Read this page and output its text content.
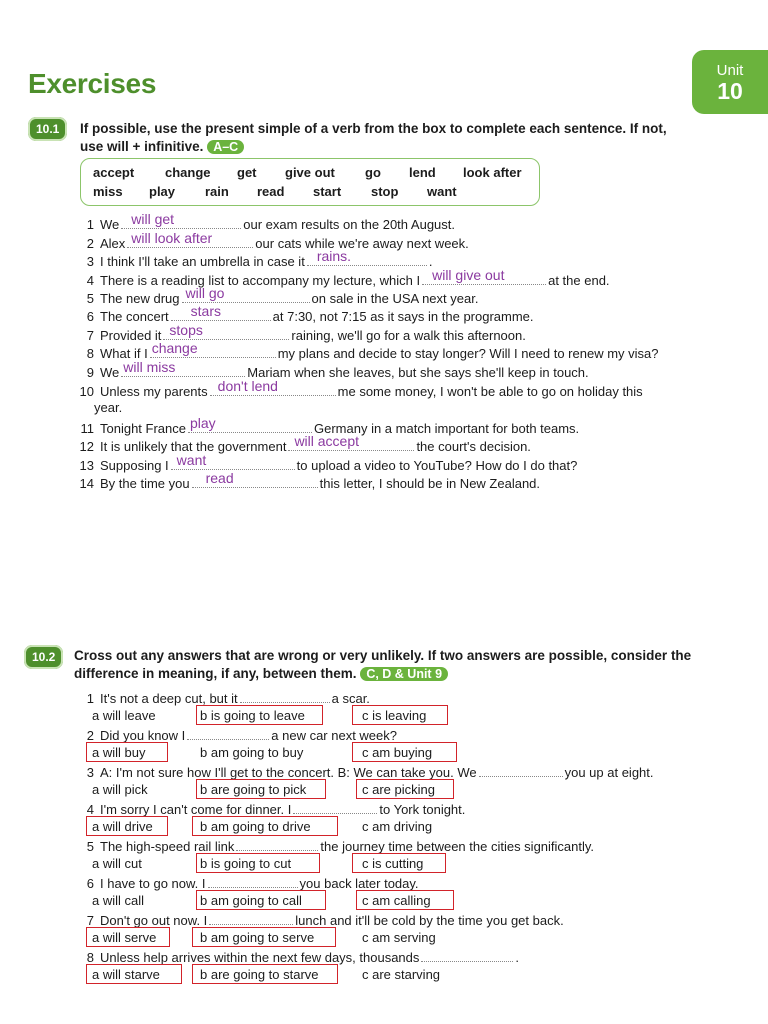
Exercises	Unit
10
10.1	If possible, use the present simple of a verb from the box to complete each sentence. If not,
use will + infinitive. A–C
accept change get give out go lend look after
miss play rain read start stop want
1 We will get	our exam results on the 20th August.
2 Alex will look after	our cats while we're away next week.
3 I think I'll take an umbrella in case it rains.	.
4 There is a reading list to accompany my lecture, which I will give out	at the end.
5 The new drug will go	on sale in the USA next year.
6 The concert stars	at 7:30, not 7:15 as it says in the programme.
7 Provided it stops	raining, we'll go for a walk this afternoon.
8 What if I change	my plans and decide to stay longer? Will I need to renew my visa?
9 We will miss	Mariam when she leaves, but she says she'll keep in touch.
10 Unless my parents don't lend	me some money, I won't be able to go on holiday this
year.
11 Tonight France play	Germany in a match important for both teams.
12 It is unlikely that the government will accept	the court's decision.
13 Supposing I want	to upload a video to YouTube? How do I do that?
14 By the time you read	this letter, I should be in New Zealand.
10.2	Cross out any answers that are wrong or very unlikely. If two answers are possible, consider the
difference in meaning, if any, between them. C, D & Unit 9
1 It's not a deep cut, but it	a scar.
a will leave	b is going to leave	c is leaving
2 Did you know I	a new car next week?
a will buy	b am going to buy	c am buying
3 A: I'm not sure how I'll get to the concert. B: We can take you. We	you up at eight.
a will pick	b are going to pick	c are picking
4 I'm sorry I can't come for dinner. I	to York tonight.
a will drive	b am going to drive	c am driving
5 The high-speed rail link	the journey time between the cities significantly.
a will cut	b is going to cut	c is cutting
6 I have to go now. I	you back later today.
a will call	b am going to call	c am calling
7 Don't go out now. I	lunch and it'll be cold by the time you get back.
a will serve	b am going to serve	c am serving
8 Unless help arrives within the next few days, thousands	.
a will starve	b are going to starve	c are starving
